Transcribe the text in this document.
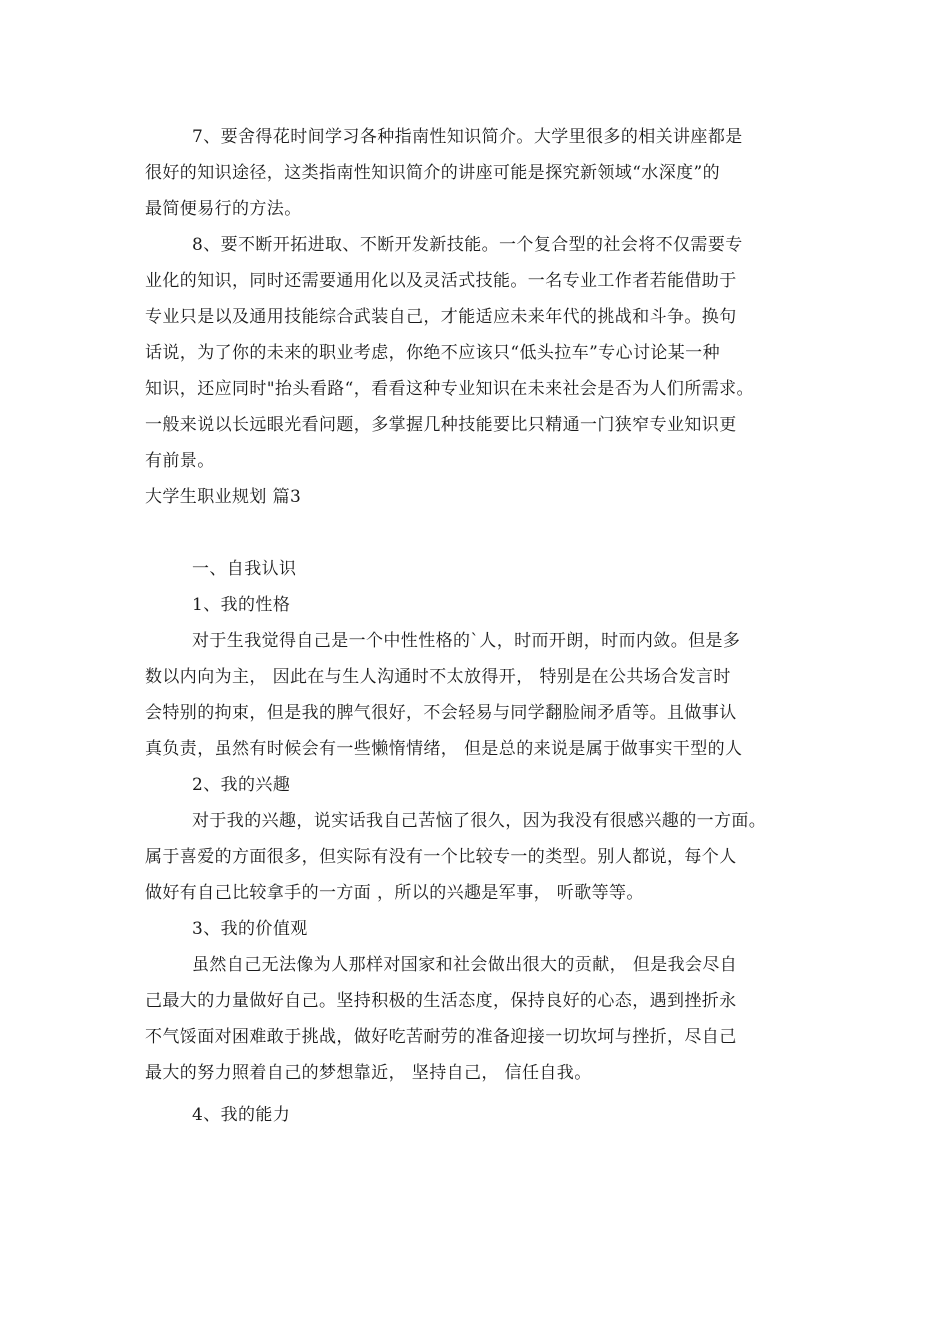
7、要舍得花时间学习各种指南性知识简介。大学里很多的相关讲座都是
很好的知识途径，这类指南性知识简介的讲座可能是探究新领域“水深度”的
最简便易行的方法。
8、要不断开拓进取、不断开发新技能。一个复合型的社会将不仅需要专
业化的知识，同时还需要通用化以及灵活式技能。一名专业工作者若能借助于
专业只是以及通用技能综合武装自己，才能适应未来年代的挑战和斗争。换句
话说，为了你的未来的职业考虑，你绝不应该只“低头拉车”专心讨论某一种
知识，还应同时"抬头看路“，看看这种专业知识在未来社会是否为人们所需求。
一般来说以长远眼光看问题，多掌握几种技能要比只精通一门狭窄专业知识更
有前景。
大学生职业规划 篇3
一、自我认识
1、我的性格
对于生我觉得自己是一个中性性格的`人，时而开朗，时而内敛。但是多
数以内向为主， 因此在与生人沟通时不太放得开， 特别是在公共场合发言时
会特别的拘束，但是我的脾气很好，不会轻易与同学翻脸闹矛盾等。且做事认
真负责，虽然有时候会有一些懒惰情绪， 但是总的来说是属于做事实干型的人
2、我的兴趣
对于我的兴趣，说实话我自己苦恼了很久，因为我没有很感兴趣的一方面。
属于喜爱的方面很多，但实际有没有一个比较专一的类型。别人都说，每个人
做好有自己比较拿手的一方面 ，所以的兴趣是军事， 听歌等等。
3、我的价值观
虽然自己无法像为人那样对国家和社会做出很大的贡献， 但是我会尽自
己最大的力量做好自己。坚持积极的生活态度，保持良好的心态，遇到挫折永
不气馁面对困难敢于挑战，做好吃苦耐劳的准备迎接一切坎坷与挫折，尽自己
最大的努力照着自己的梦想靠近， 坚持自己， 信任自我。
4、我的能力
